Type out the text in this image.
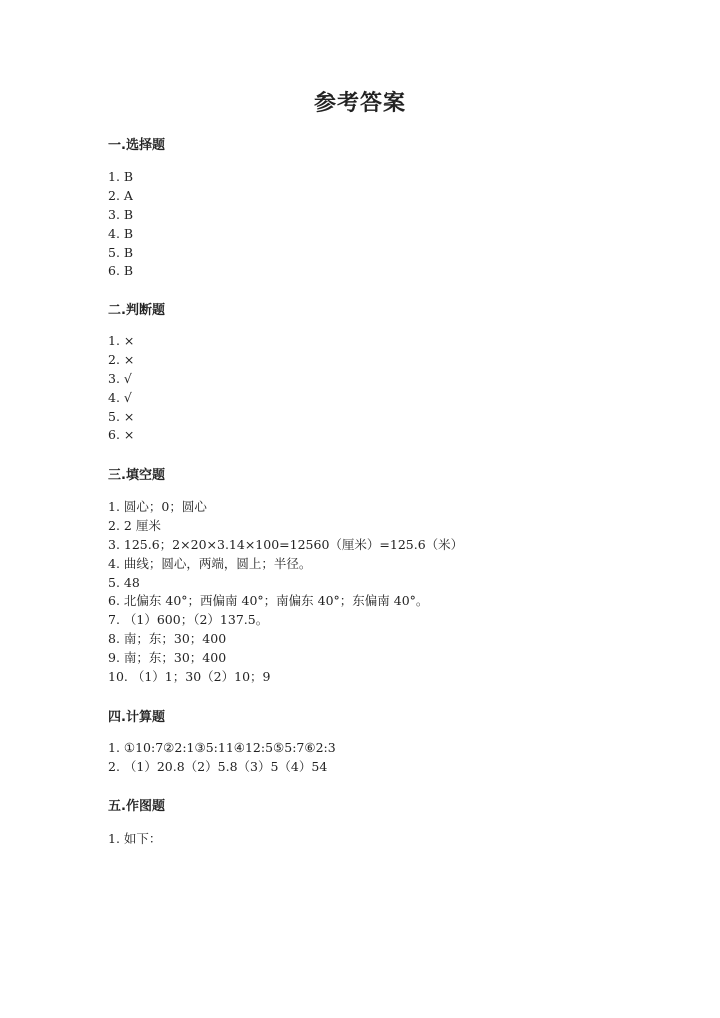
参考答案
一.选择题
1. B
2. A
3. B
4. B
5. B
6. B
二.判断题
1. ×
2. ×
3. √
4. √
5. ×
6. ×
三.填空题
1. 圆心；0；圆心
2. 2 厘米
3. 125.6；2×20×3.14×100=12560（厘米）=125.6（米）
4. 曲线；圆心，两端，圆上；半径。
5. 48
6. 北偏东 40°；西偏南 40°；南偏东 40°；东偏南 40°。
7. （1）600；（2）137.5。
8. 南；东；30；400
9. 南；东；30；400
10. （1）1；30（2）10；9
四.计算题
1. ①10:7②2:1③5:11④12:5⑤5:7⑥2:3
2. （1）20.8（2）5.8（3）5（4）54
五.作图题
1. 如下：
